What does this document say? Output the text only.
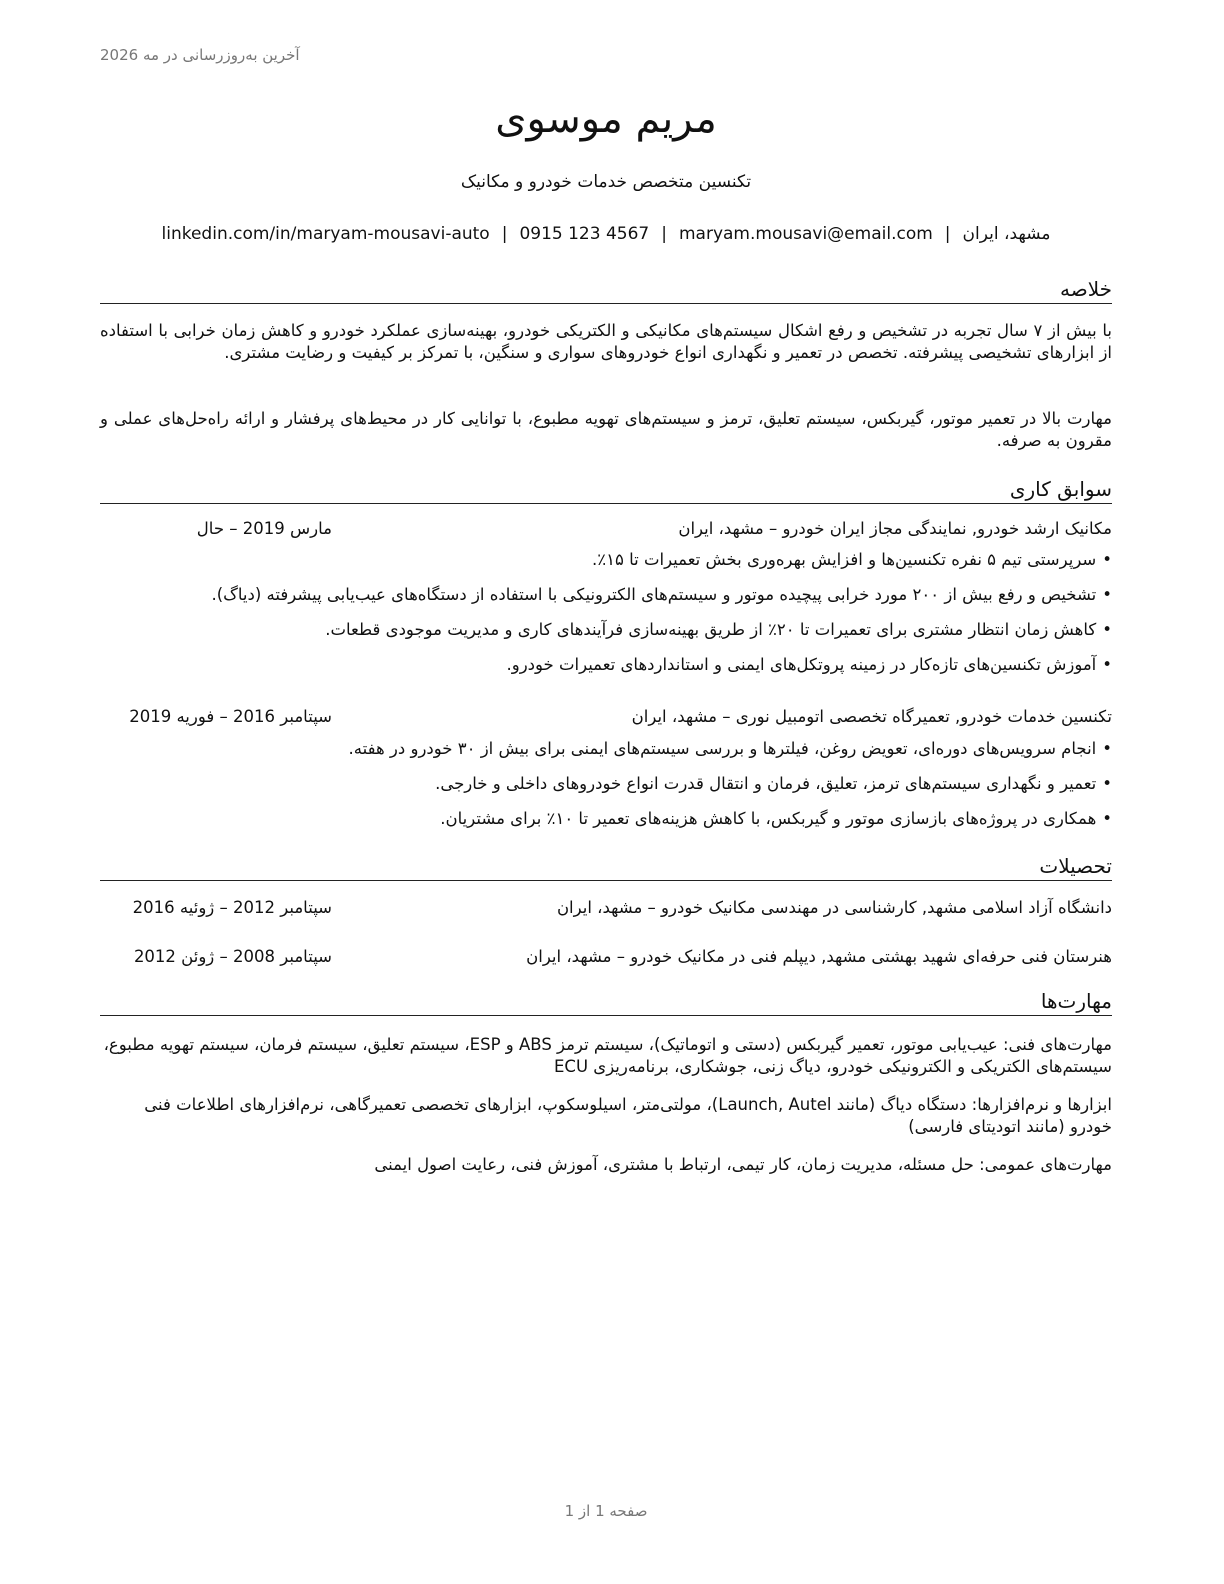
آخرین به‌روزرسانی در مه 2026
مریم موسوی
تکنسین متخصص خدمات خودرو و مکانیک
مشهد، ایران|maryam.mousavi@email.com|0915 123 4567|linkedin.com/in/maryam-mousavi-auto
خلاصه
با بیش از ۷ سال تجربه در تشخیص و رفع اشکال سیستم‌های مکانیکی و الکتریکی خودرو، بهینه‌سازی عملکرد خودرو و کاهش زمان خرابی با استفاده از ابزارهای تشخیصی پیشرفته. تخصص در تعمیر و نگهداری انواع خودروهای سواری و سنگین، با تمرکز بر کیفیت و رضایت مشتری.
مهارت بالا در تعمیر موتور، گیربکس، سیستم تعلیق، ترمز و سیستم‌های تهویه مطبوع، با توانایی کار در محیط‌های پرفشار و ارائه راه‌حل‌های عملی و مقرون به صرفه.
سوابق کاری
مکانیک ارشد خودرو, نمایندگی مجاز ایران خودرو – مشهد، ایران
مارس 2019 – حال
• سرپرستی تیم ۵ نفره تکنسین‌ها و افزایش بهره‌وری بخش تعمیرات تا ۱۵٪.
• تشخیص و رفع بیش از ۲۰۰ مورد خرابی پیچیده موتور و سیستم‌های الکترونیکی با استفاده از دستگاه‌های عیب‌یابی پیشرفته (دیاگ).
• کاهش زمان انتظار مشتری برای تعمیرات تا ۲۰٪ از طریق بهینه‌سازی فرآیندهای کاری و مدیریت موجودی قطعات.
• آموزش تکنسین‌های تازه‌کار در زمینه پروتکل‌های ایمنی و استانداردهای تعمیرات خودرو.
تکنسین خدمات خودرو, تعمیرگاه تخصصی اتومبیل نوری – مشهد، ایران
سپتامبر 2016 – فوریه 2019
• انجام سرویس‌های دوره‌ای، تعویض روغن، فیلترها و بررسی سیستم‌های ایمنی برای بیش از ۳۰ خودرو در هفته.
• تعمیر و نگهداری سیستم‌های ترمز، تعلیق، فرمان و انتقال قدرت انواع خودروهای داخلی و خارجی.
• همکاری در پروژه‌های بازسازی موتور و گیربکس، با کاهش هزینه‌های تعمیر تا ۱۰٪ برای مشتریان.
تحصیلات
دانشگاه آزاد اسلامی مشهد, کارشناسی در مهندسی مکانیک خودرو – مشهد، ایران
سپتامبر 2012 – ژوئیه 2016
هنرستان فنی حرفه‌ای شهید بهشتی مشهد, دیپلم فنی در مکانیک خودرو – مشهد، ایران
سپتامبر 2008 – ژوئن 2012
مهارت‌ها
مهارت‌های فنی: عیب‌یابی موتور، تعمیر گیربکس (دستی و اتوماتیک)، سیستم ترمز ABS و ESP، سیستم تعلیق، سیستم فرمان، سیستم تهویه مطبوع، سیستم‌های الکتریکی و الکترونیکی خودرو، دیاگ زنی، جوشکاری، برنامه‌ریزی ECU
ابزارها و نرم‌افزارها: دستگاه دیاگ (مانند Launch, Autel)، مولتی‌متر، اسیلوسکوپ، ابزارهای تخصصی تعمیرگاهی، نرم‌افزارهای اطلاعات فنی خودرو (مانند اتودیتای فارسی)
مهارت‌های عمومی: حل مسئله، مدیریت زمان، کار تیمی، ارتباط با مشتری، آموزش فنی، رعایت اصول ایمنی
صفحه 1 از 1
